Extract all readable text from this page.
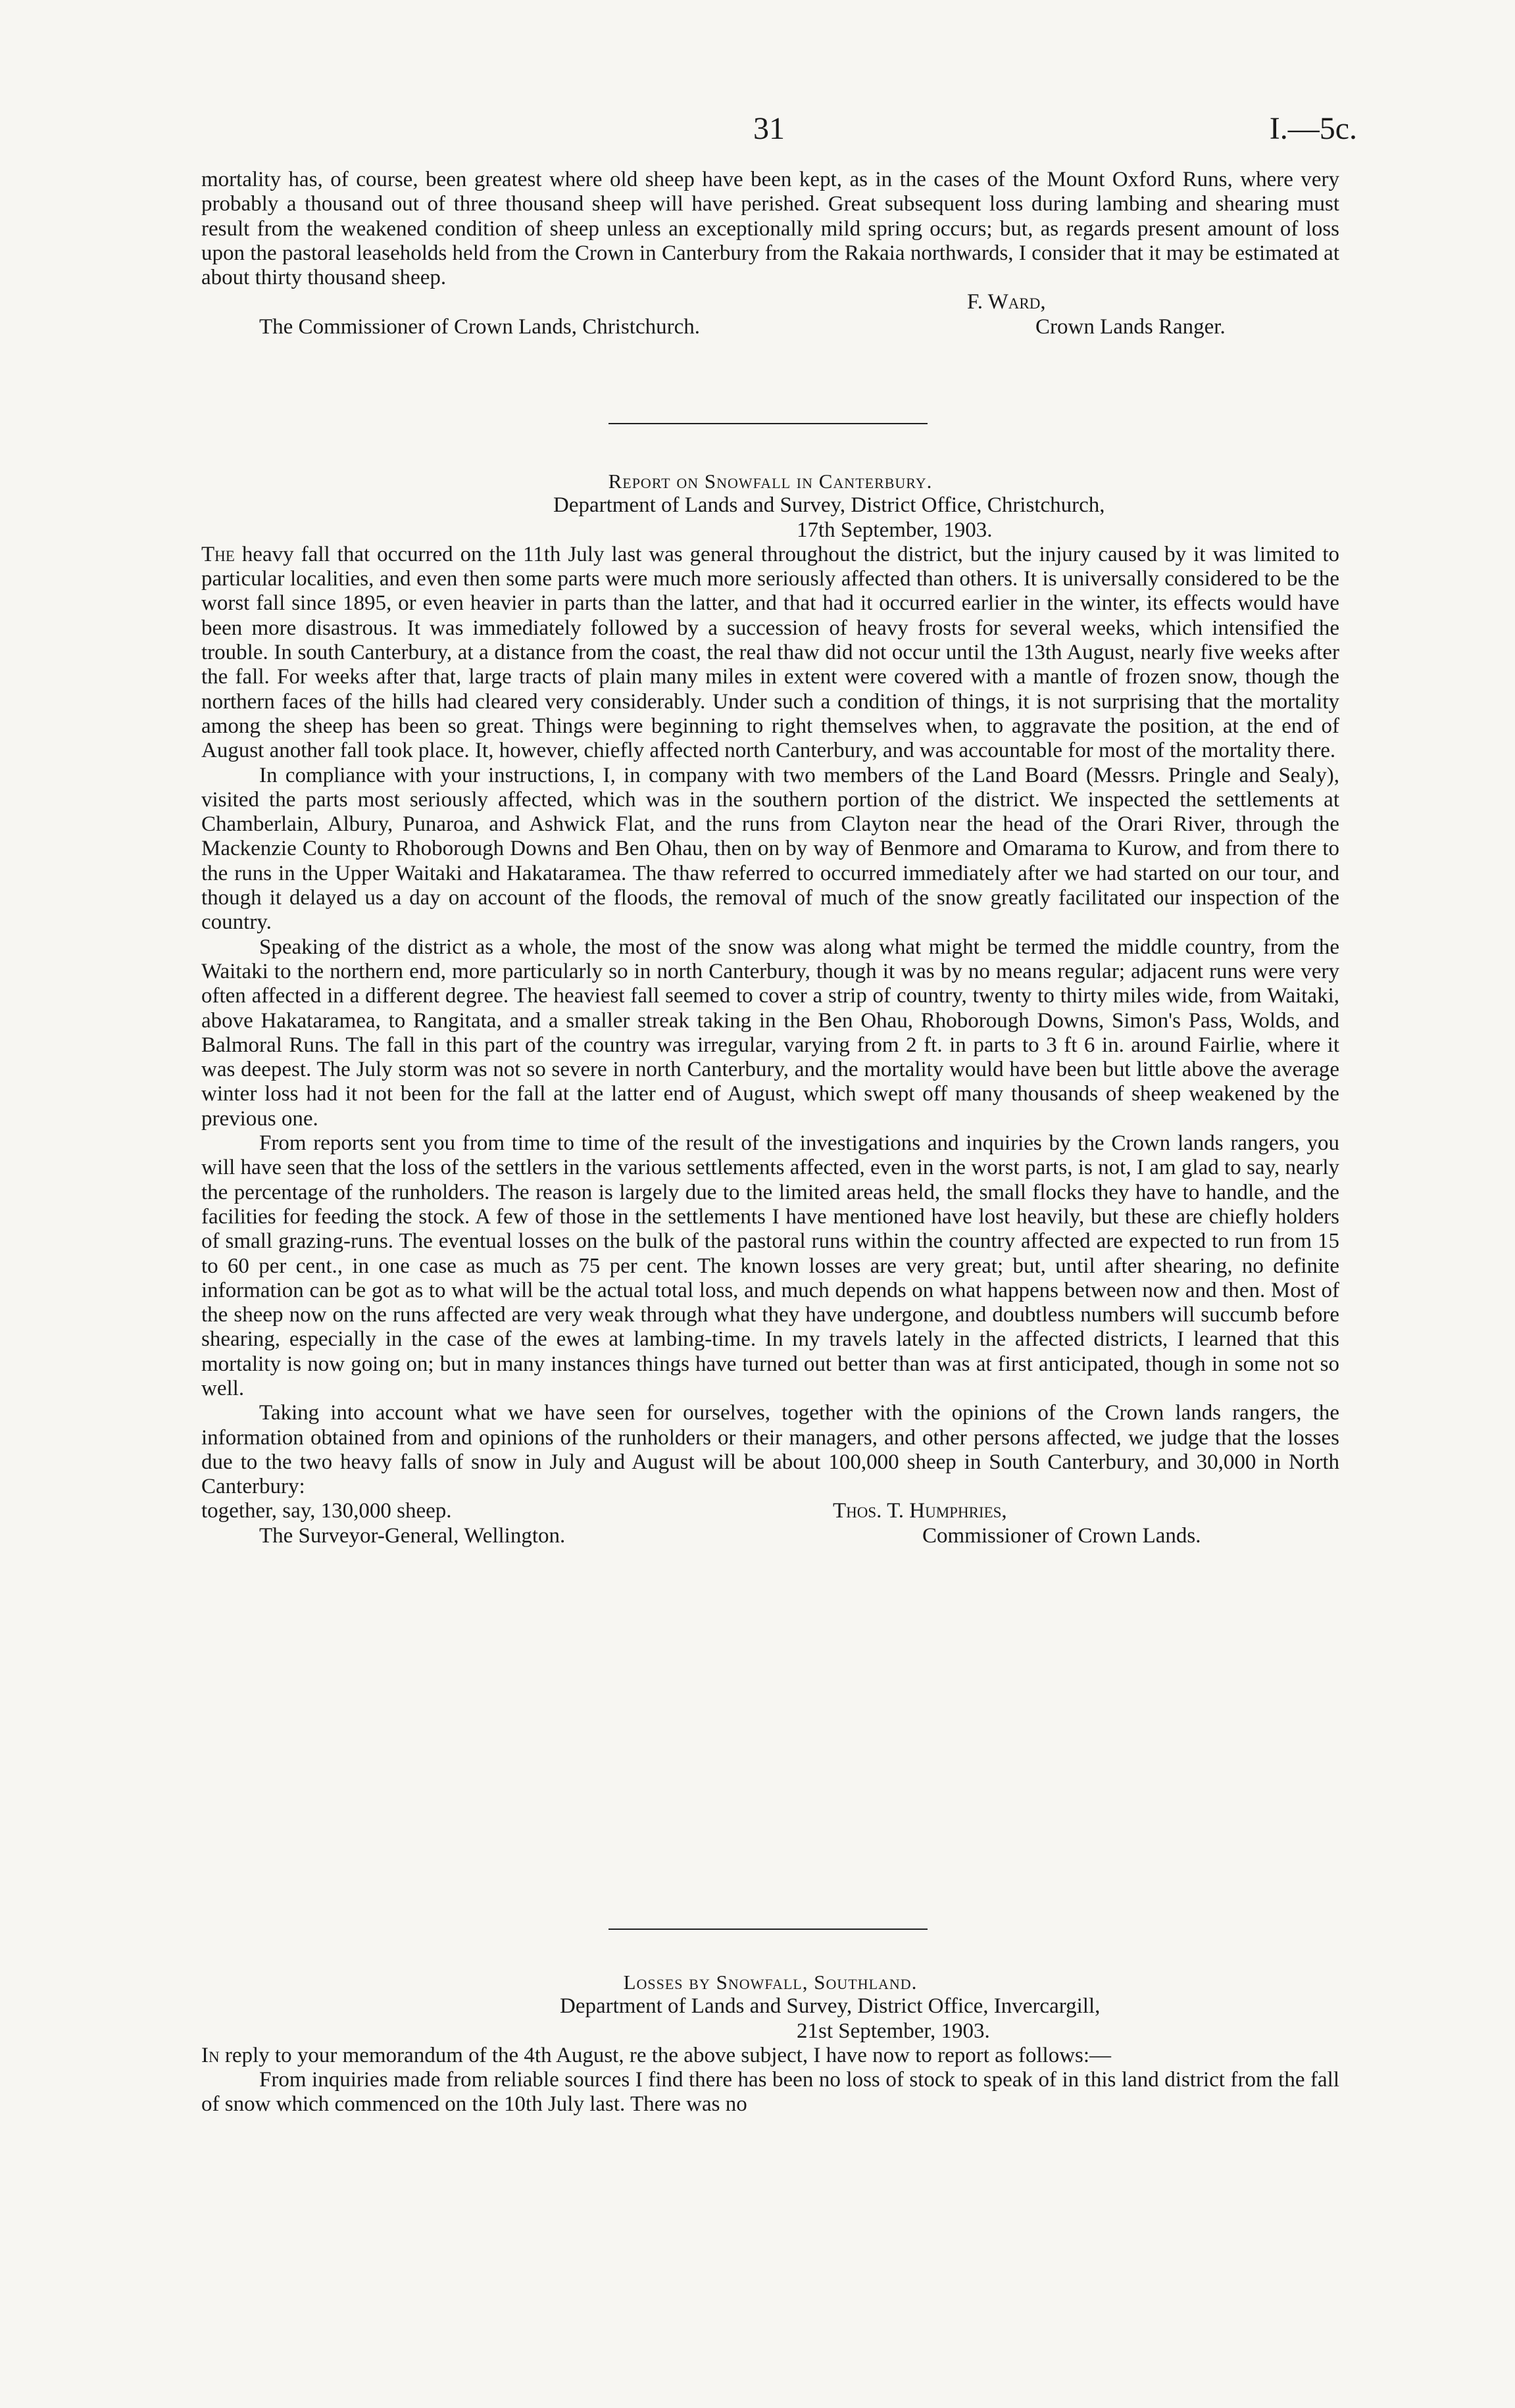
31	I.—5c.

mortality has, of course, been greatest where old sheep have been kept, as in the cases of the Mount Oxford Runs, where very probably a thousand out of three thousand sheep will have perished. Great subsequent loss during lambing and shearing must result from the weakened condition of sheep unless an exceptionally mild spring occurs; but, as regards present amount of loss upon the pastoral leaseholds held from the Crown in Canterbury from the Rakaia northwards, I consider that it may be estimated at about thirty thousand sheep.

F. Ward,
The Commissioner of Crown Lands, Christchurch.	Crown Lands Ranger.
Report on Snowfall in Canterbury.
Department of Lands and Survey, District Office, Christchurch,
17th September, 1903.

The heavy fall that occurred on the 11th July last was general throughout the district, but the injury caused by it was limited to particular localities, and even then some parts were much more seriously affected than others. It is universally considered to be the worst fall since 1895, or even heavier in parts than the latter, and that had it occurred earlier in the winter, its effects would have been more disastrous. It was immediately followed by a succession of heavy frosts for several weeks, which intensified the trouble. In south Canterbury, at a distance from the coast, the real thaw did not occur until the 13th August, nearly five weeks after the fall. For weeks after that, large tracts of plain many miles in extent were covered with a mantle of frozen snow, though the northern faces of the hills had cleared very considerably. Under such a condition of things, it is not surprising that the mortality among the sheep has been so great. Things were beginning to right themselves when, to aggravate the position, at the end of August another fall took place. It, however, chiefly affected north Canterbury, and was accountable for most of the mortality there.

In compliance with your instructions, I, in company with two members of the Land Board (Messrs. Pringle and Sealy), visited the parts most seriously affected, which was in the southern portion of the district. We inspected the settlements at Chamberlain, Albury, Punaroa, and Ashwick Flat, and the runs from Clayton near the head of the Orari River, through the Mackenzie County to Rhoborough Downs and Ben Ohau, then on by way of Benmore and Omarama to Kurow, and from there to the runs in the Upper Waitaki and Hakataramea. The thaw referred to occurred immediately after we had started on our tour, and though it delayed us a day on account of the floods, the removal of much of the snow greatly facilitated our inspection of the country.

Speaking of the district as a whole, the most of the snow was along what might be termed the middle country, from the Waitaki to the northern end, more particularly so in north Canterbury, though it was by no means regular; adjacent runs were very often affected in a different degree. The heaviest fall seemed to cover a strip of country, twenty to thirty miles wide, from Waitaki, above Hakataramea, to Rangitata, and a smaller streak taking in the Ben Ohau, Rhoborough Downs, Simon's Pass, Wolds, and Balmoral Runs. The fall in this part of the country was irregular, varying from 2 ft. in parts to 3 ft 6 in. around Fairlie, where it was deepest. The July storm was not so severe in north Canterbury, and the mortality would have been but little above the average winter loss had it not been for the fall at the latter end of August, which swept off many thousands of sheep weakened by the previous one.

From reports sent you from time to time of the result of the investigations and inquiries by the Crown lands rangers, you will have seen that the loss of the settlers in the various settlements affected, even in the worst parts, is not, I am glad to say, nearly the percentage of the runholders. The reason is largely due to the limited areas held, the small flocks they have to handle, and the facilities for feeding the stock. A few of those in the settlements I have mentioned have lost heavily, but these are chiefly holders of small grazing-runs. The eventual losses on the bulk of the pastoral runs within the country affected are expected to run from 15 to 60 per cent., in one case as much as 75 per cent. The known losses are very great; but, until after shearing, no definite information can be got as to what will be the actual total loss, and much depends on what happens between now and then. Most of the sheep now on the runs affected are very weak through what they have undergone, and doubtless numbers will succumb before shearing, especially in the case of the ewes at lambing-time. In my travels lately in the affected districts, I learned that this mortality is now going on; but in many instances things have turned out better than was at first anticipated, though in some not so well.

Taking into account what we have seen for ourselves, together with the opinions of the Crown lands rangers, the information obtained from and opinions of the runholders or their managers, and other persons affected, we judge that the losses due to the two heavy falls of snow in July and August will be about 100,000 sheep in South Canterbury, and 30,000 in North Canterbury:

together, say, 130,000 sheep.	Thos. T. Humphries,
The Surveyor-General, Wellington.	Commissioner of Crown Lands.
Losses by Snowfall, Southland.
Department of Lands and Survey, District Office, Invercargill,
21st September, 1903.

In reply to your memorandum of the 4th August, re the above subject, I have now to report as follows:—

From inquiries made from reliable sources I find there has been no loss of stock to speak of in this land district from the fall of snow which commenced on the 10th July last. There was no
